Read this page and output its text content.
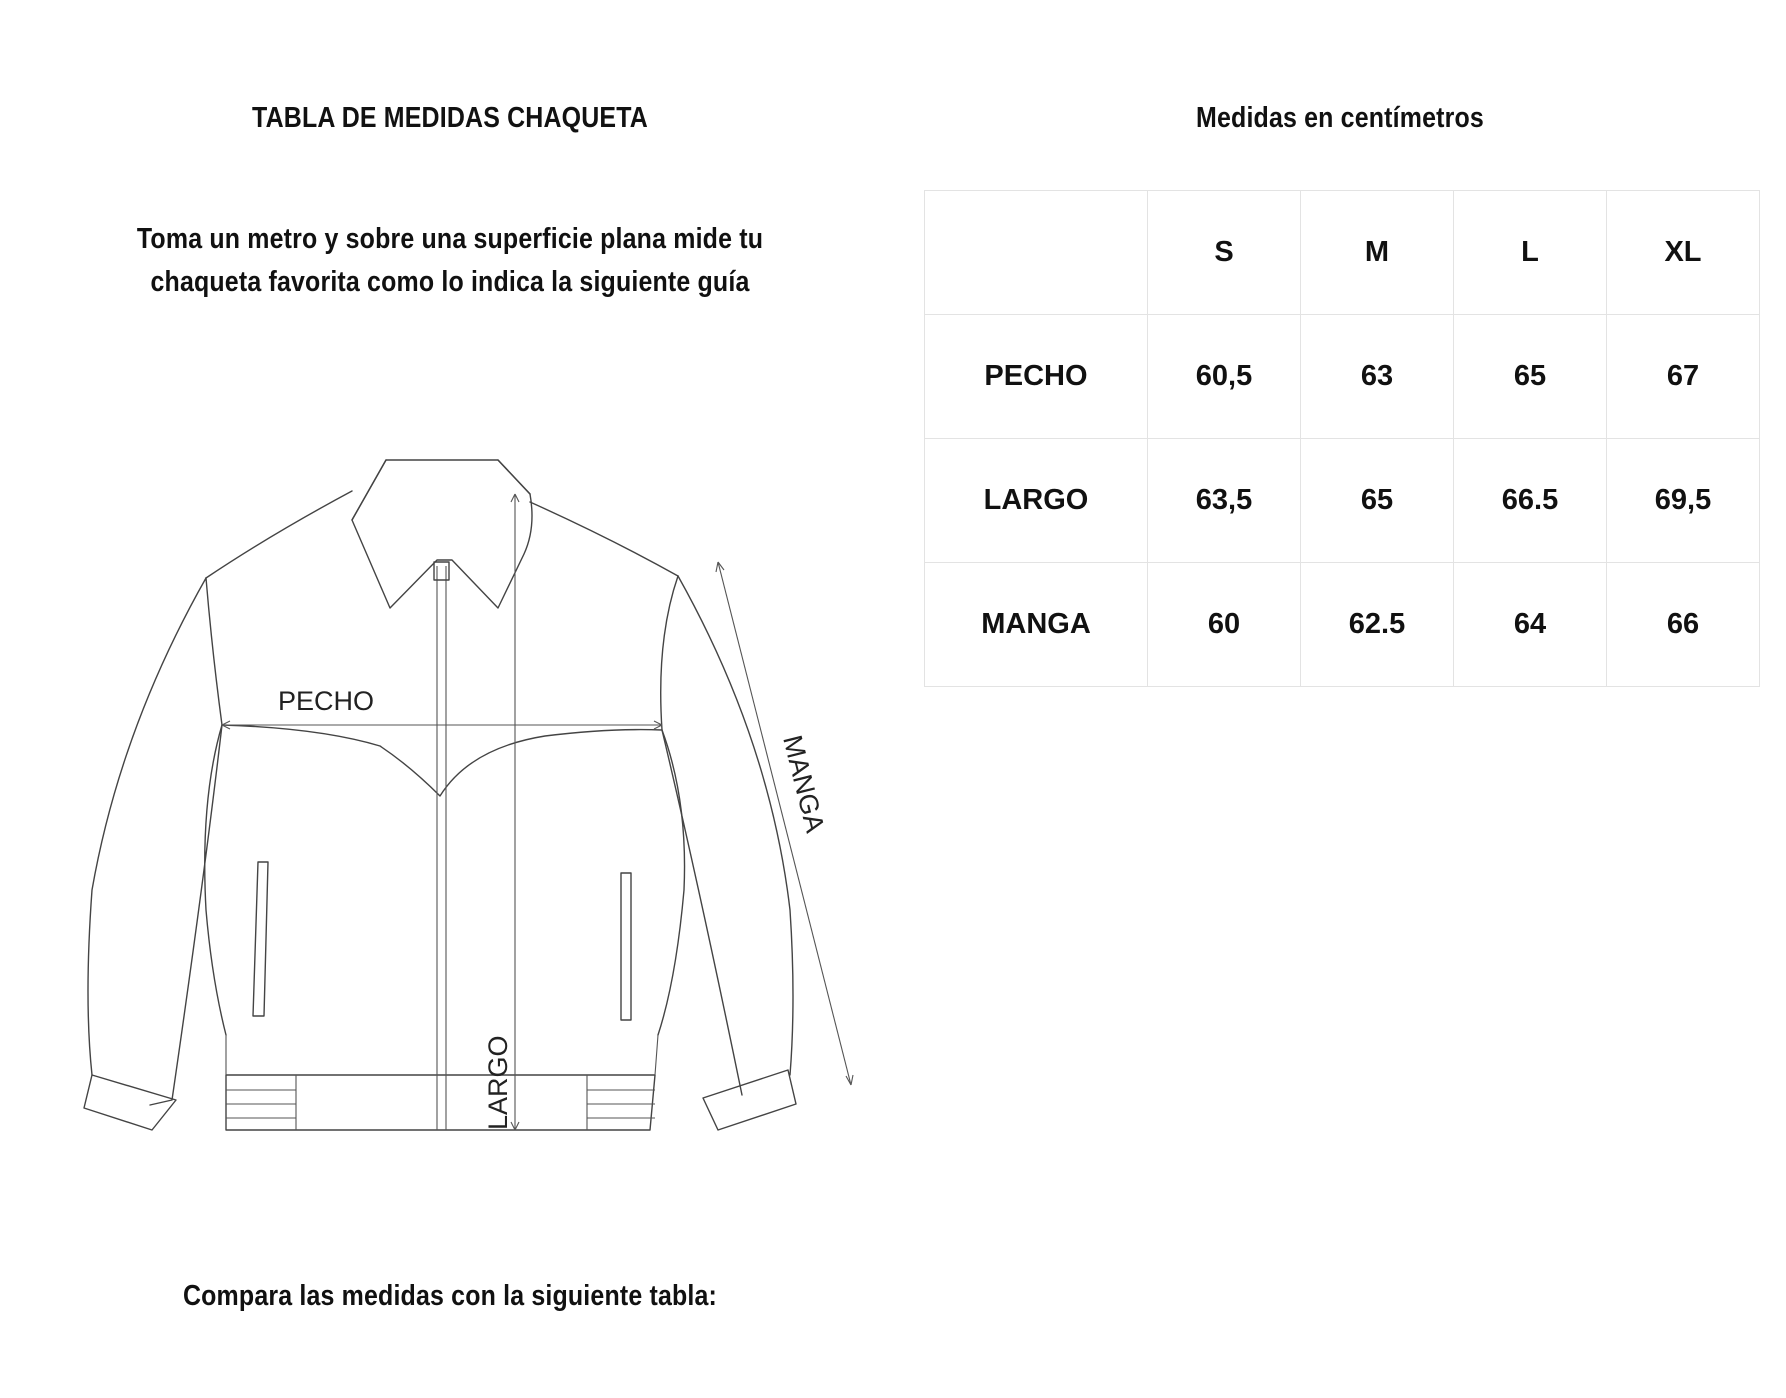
TABLA DE MEDIDAS CHAQUETA
Toma un metro y sobre una superficie plana mide tu chaqueta favorita como lo indica la siguiente guía
Medidas en centímetros
	S	M	L	XL
PECHO	60,5	63	65	67
LARGO	63,5	65	66.5	69,5
MANGA	60	62.5	64	66
PECHO
LARGO
MANGA
Compara las medidas con la siguiente tabla:
